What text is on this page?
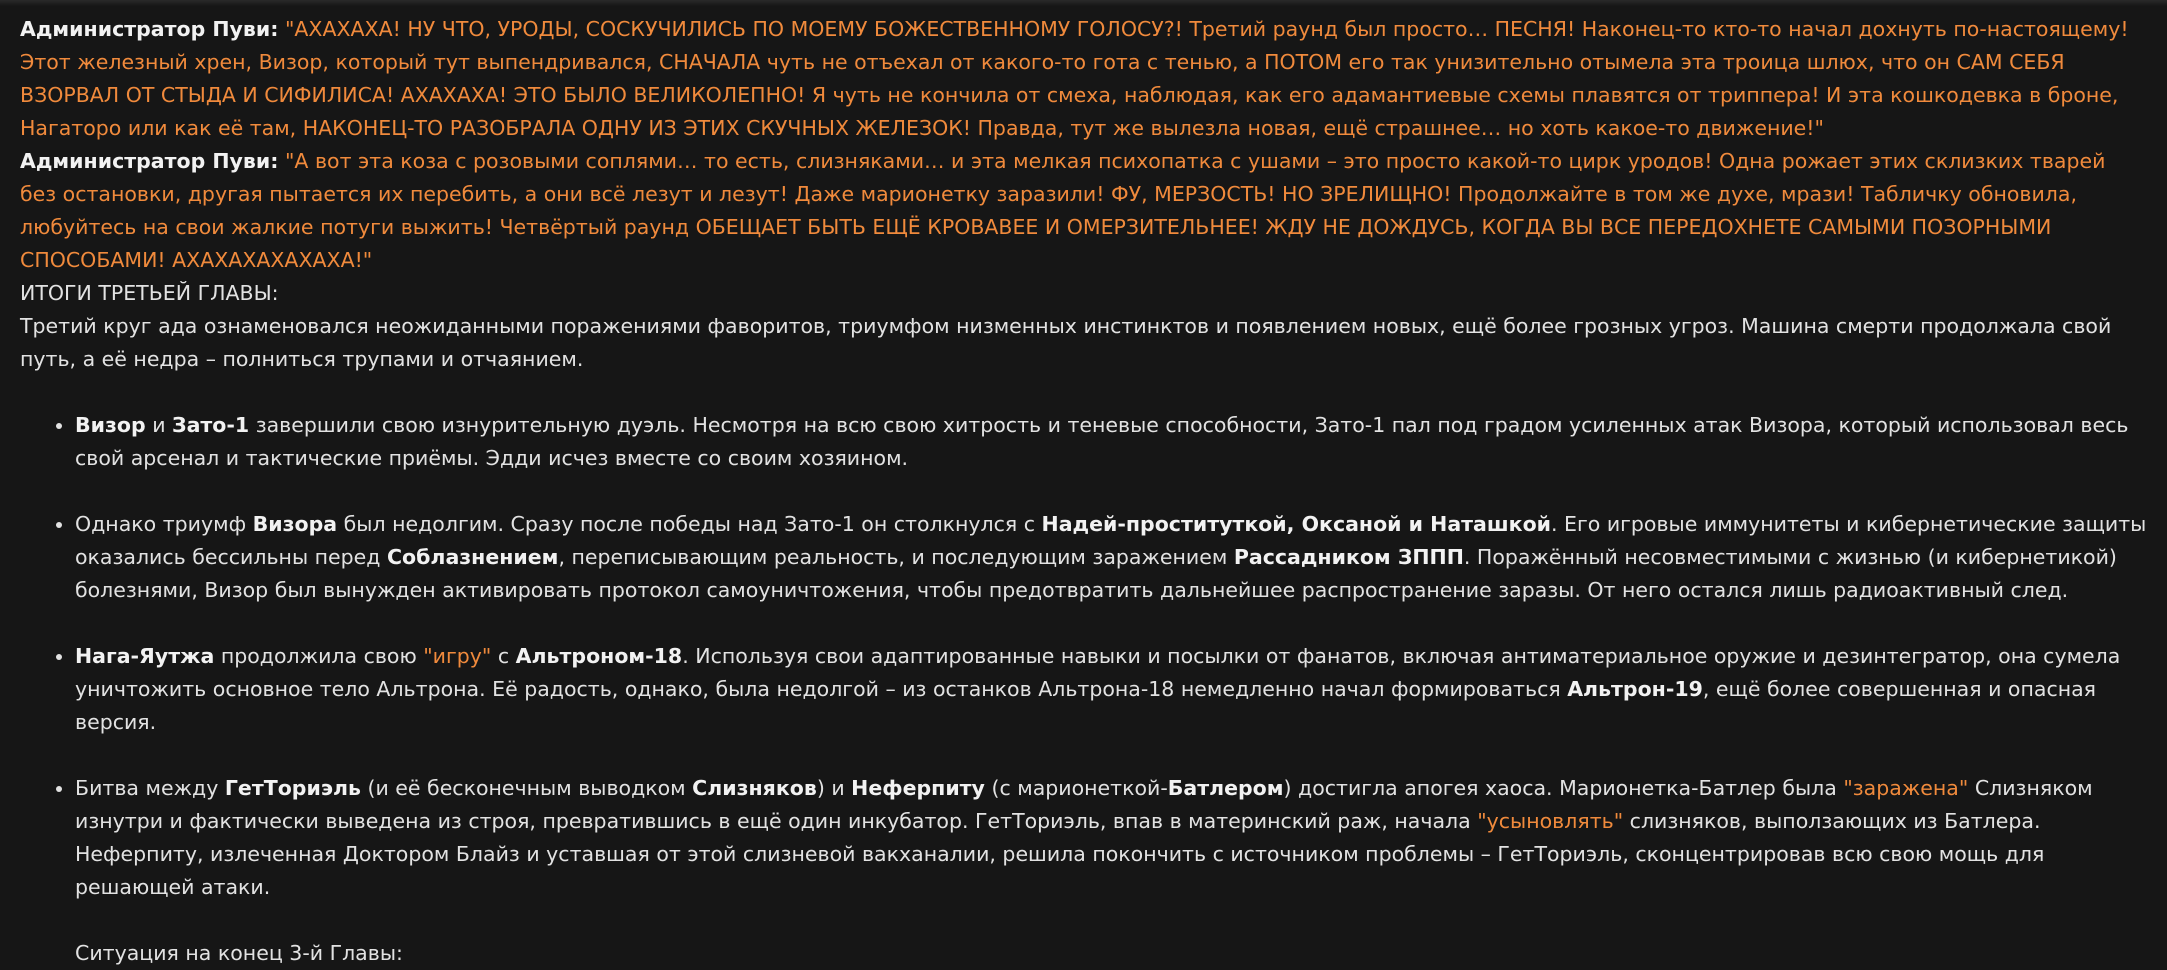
Администратор Пуви: "АХАХАХА! НУ ЧТО, УРОДЫ, СОСКУЧИЛИСЬ ПО МОЕМУ БОЖЕСТВЕННОМУ ГОЛОСУ?! Третий раунд был просто… ПЕСНЯ! Наконец-то кто-то начал дохнуть по-настоящему! Этот железный хрен, Визор, который тут выпендривался, СНАЧАЛА чуть не отъехал от какого-то гота с тенью, а ПОТОМ его так унизительно отымела эта троица шлюх, что он САМ СЕБЯ ВЗОРВАЛ ОТ СТЫДА И СИФИЛИСА! АХАХАХА! ЭТО БЫЛО ВЕЛИКОЛЕПНО! Я чуть не кончила от смеха, наблюдая, как его адамантиевые схемы плавятся от триппера! И эта кошкодевка в броне, Нагаторо или как её там, НАКОНЕЦ-ТО РАЗОБРАЛА ОДНУ ИЗ ЭТИХ СКУЧНЫХ ЖЕЛЕЗОК! Правда, тут же вылезла новая, ещё страшнее… но хоть какое-то движение!"

Администратор Пуви: "А вот эта коза с розовыми соплями… то есть, слизняками… и эта мелкая психопатка с ушами – это просто какой-то цирк уродов! Одна рожает этих склизких тварей без остановки, другая пытается их перебить, а они всё лезут и лезут! Даже марионетку заразили! ФУ, МЕРЗОСТЬ! НО ЗРЕЛИЩНО! Продолжайте в том же духе, мрази! Табличку обновила, любуйтесь на свои жалкие потуги выжить! Четвёртый раунд ОБЕЩАЕТ БЫТЬ ЕЩЁ КРОВАВЕЕ И ОМЕРЗИТЕЛЬНЕЕ! ЖДУ НЕ ДОЖДУСЬ, КОГДА ВЫ ВСЕ ПЕРЕДОХНЕТЕ САМЫМИ ПОЗОРНЫМИ СПОСОБАМИ! АХАХАХАХАХАХА!"

ИТОГИ ТРЕТЬЕЙ ГЛАВЫ:

Третий круг ада ознаменовался неожиданными поражениями фаворитов, триумфом низменных инстинктов и появлением новых, ещё более грозных угроз. Машина смерти продолжала свой путь, а её недра – полниться трупами и отчаянием.

• Визор и Зато-1 завершили свою изнурительную дуэль. Несмотря на всю свою хитрость и теневые способности, Зато-1 пал под градом усиленных атак Визора, который использовал весь свой арсенал и тактические приёмы. Эдди исчез вместе со своим хозяином.
• Однако триумф Визора был недолгим. Сразу после победы над Зато-1 он столкнулся с Надей-проституткой, Оксаной и Наташкой. Его игровые иммунитеты и кибернетические защиты оказались бессильны перед Соблазнением, переписывающим реальность, и последующим заражением Рассадником ЗППП. Поражённый несовместимыми с жизнью (и кибернетикой) болезнями, Визор был вынужден активировать протокол самоуничтожения, чтобы предотвратить дальнейшее распространение заразы. От него остался лишь радиоактивный след.
• Нага-Яутжа продолжила свою "игру" с Альтроном-18. Используя свои адаптированные навыки и посылки от фанатов, включая антиматериальное оружие и дезинтегратор, она сумела уничтожить основное тело Альтрона. Её радость, однако, была недолгой – из останков Альтрона-18 немедленно начал формироваться Альтрон-19, ещё более совершенная и опасная версия.
• Битва между ГетТориэль (и её бесконечным выводком Слизняков) и Неферпиту (с марионеткой-Батлером) достигла апогея хаоса. Марионетка-Батлер была "заражена" Слизняком изнутри и фактически выведена из строя, превратившись в ещё один инкубатор. ГетТориэль, впав в материнский раж, начала "усыновлять" слизняков, выползающих из Батлера. Неферпиту, излеченная Доктором Блайз и уставшая от этой слизневой вакханалии, решила покончить с источником проблемы – ГетТориэль, сконцентрировав всю свою мощь для решающей атаки.

Ситуация на конец 3-й Главы:
